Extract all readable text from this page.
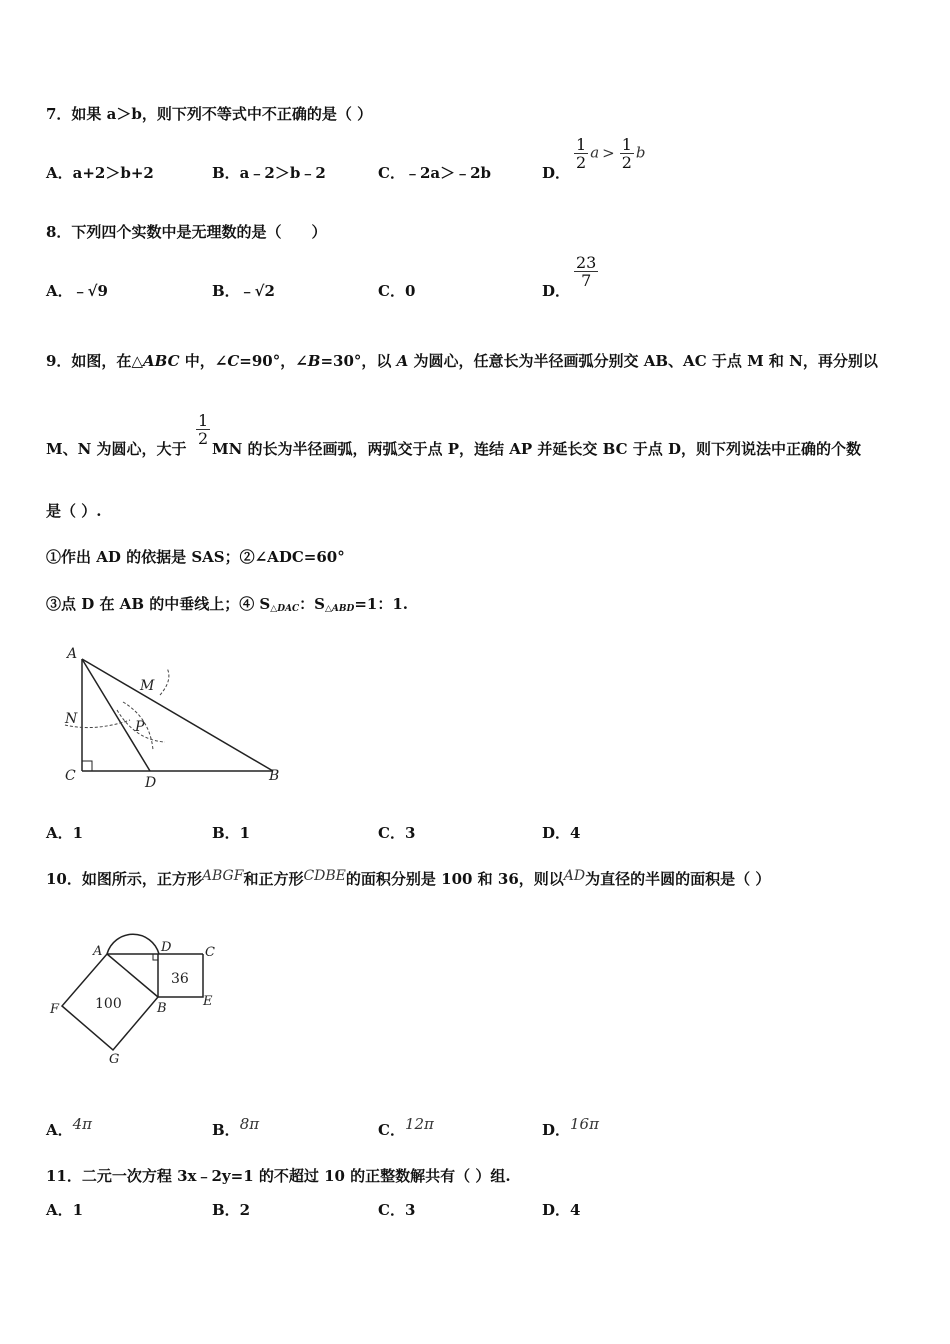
7．如果 a＞b，则下列不等式中不正确的是（ ）
A．a+2＞b+2	B．a﹣2＞b﹣2	C．﹣2a＞﹣2b	D．
$\frac{1}{2}$ $a > \frac{1}{2}$ b
8．下列四个实数中是无理数的是（　　）
A．﹣√9	B．﹣√2	C．0	D．
$\frac{23}{7}$
9．如图，在△ABC 中，∠C=90°，∠B=30°，以 A 为圆心，任意长为半径画弧分别交 AB、AC 于点 M 和 N，再分别以
M、N 为圆心，大于
$\frac{1}{2}$
MN 的长为半径画弧，两弧交于点 P，连结 AP 并延长交 BC 于点 D，则下列说法中正确的个数
是（ ）.
①作出 AD 的依据是 SAS；②∠ADC=60°
③点 D 在 AB 的中垂线上；④ $S_{\triangle DAC}$：$S_{\triangle ABD}=1$：1.
A
M
N	P
C	D	B
A．1	B．1	C．3	D．4
10．如图所示，正方形ABGF和正方形CDBE的面积分别是 100 和 36，则以AD为直径的半圆的面积是（ ）
A	D	C
F	B	E
G
100
36
A．4π	B．8π	C．12π	D．16π
11．二元一次方程 3x﹣2y=1 的不超过 10 的正整数解共有（ ）组.
A．1	B．2	C．3	D．4
